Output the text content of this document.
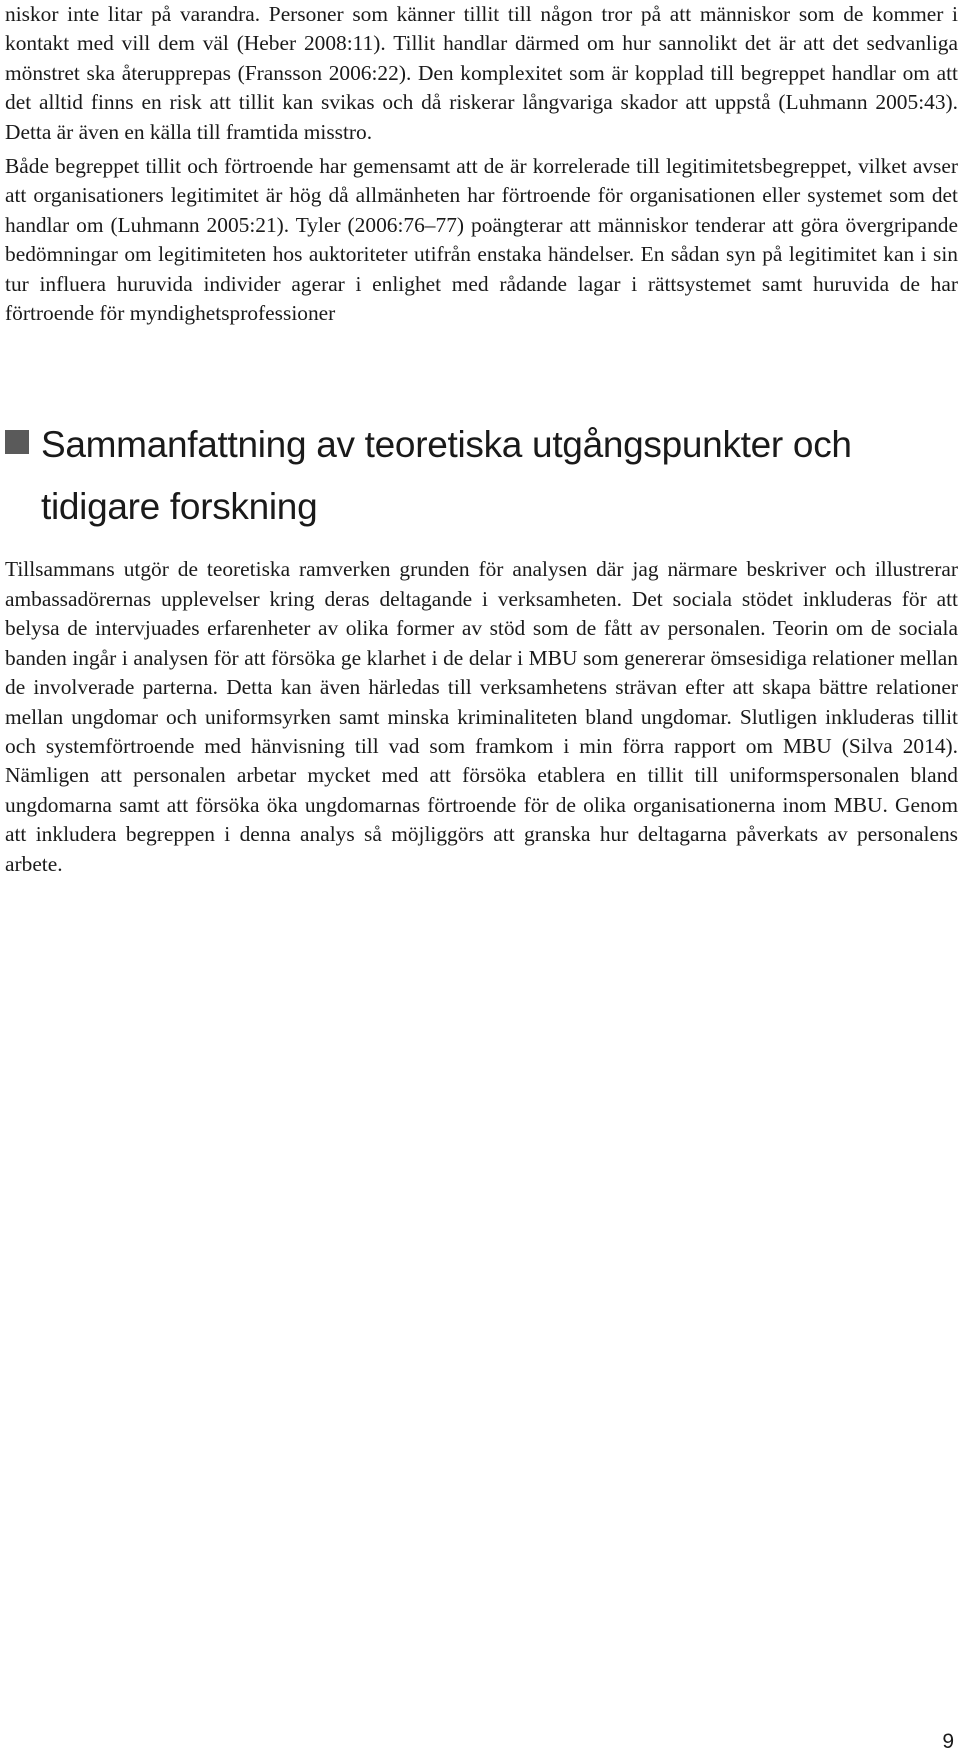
niskor inte litar på varandra. Personer som känner tillit till någon tror på att människor som de kommer i kontakt med vill dem väl (Heber 2008:11). Tillit handlar därmed om hur sannolikt det är att det sedvanliga mönstret ska återupprepas (Fransson 2006:22). Den komplexitet som är kopplad till begreppet handlar om att det alltid finns en risk att tillit kan svikas och då riskerar långvariga skador att uppstå (Luhmann 2005:43). Detta är även en källa till framtida misstro.

Både begreppet tillit och förtroende har gemensamt att de är korrelerade till legitimitetsbegreppet, vilket avser att organisationers legitimitet är hög då allmänheten har förtroende för organisationen eller systemet som det handlar om (Luhmann 2005:21). Tyler (2006:76–77) poängterar att människor tenderar att göra övergripande bedömningar om legitimiteten hos auktoriteter utifrån enstaka händelser. En sådan syn på legitimitet kan i sin tur influera huruvida individer agerar i enlighet med rådande lagar i rättsystemet samt huruvida de har förtroende för myndighetsprofessioner

Sammanfattning av teoretiska utgångspunkter och tidigare forskning

Tillsammans utgör de teoretiska ramverken grunden för analysen där jag närmare beskriver och illustrerar ambassadörernas upplevelser kring deras deltagande i verksamheten. Det sociala stödet inkluderas för att belysa de intervjuades erfarenheter av olika former av stöd som de fått av personalen. Teorin om de sociala banden ingår i analysen för att försöka ge klarhet i de delar i MBU som genererar ömsesidiga relationer mellan de involverade parterna. Detta kan även härledas till verksamhetens strävan efter att skapa bättre relationer mellan ungdomar och uniformsyrken samt minska kriminaliteten bland ungdomar. Slutligen inkluderas tillit och systemförtroende med hänvisning till vad som framkom i min förra rapport om MBU (Silva 2014). Nämligen att personalen arbetar mycket med att försöka etablera en tillit till uniformspersonalen bland ungdomarna samt att försöka öka ungdomarnas förtroende för de olika organisationerna inom MBU. Genom att inkludera begreppen i denna analys så möjliggörs att granska hur deltagarna påverkats av personalens arbete.

9
